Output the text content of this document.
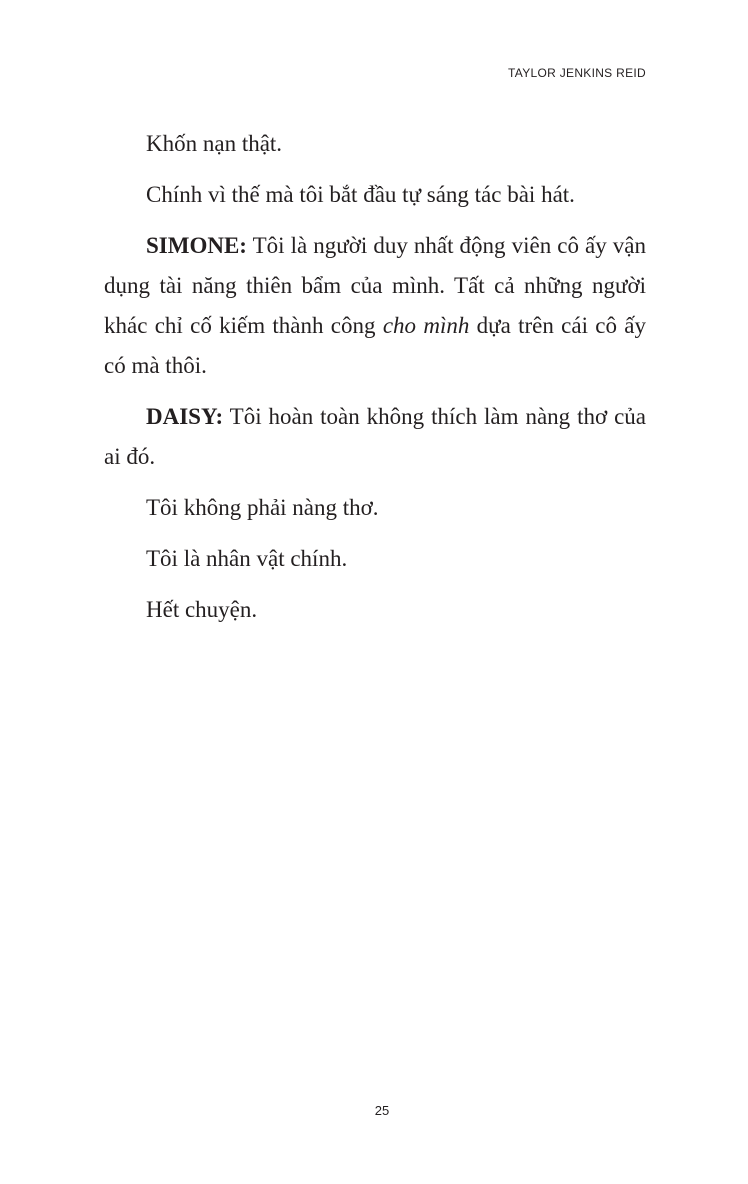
TAYLOR JENKINS REID

Khốn nạn thật.

Chính vì thế mà tôi bắt đầu tự sáng tác bài hát.

SIMONE: Tôi là người duy nhất động viên cô ấy vận dụng tài năng thiên bẩm của mình. Tất cả những người khác chỉ cố kiếm thành công cho mình dựa trên cái cô ấy có mà thôi.

DAISY: Tôi hoàn toàn không thích làm nàng thơ của ai đó.

Tôi không phải nàng thơ.

Tôi là nhân vật chính.

Hết chuyện.

25
